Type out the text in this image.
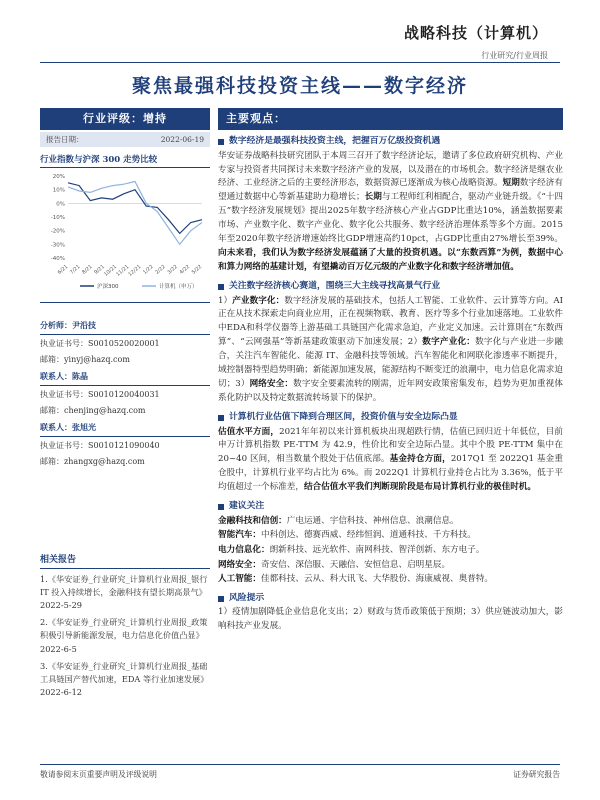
战略科技（计算机）
行业研究/行业周报
聚焦最强科技投资主线——数字经济
行业评级：增持
报告日期：	2022-06-19
行业指数与沪深 300 走势比较
20%
10%
0%
-10%
-20%
-30%
-40%
6/21 7/21 8/21 9/21
10/21
11/21
12/21 1/22 2/22 3/22 4/22 5/22
沪深300	计算机（申万）
分析师：尹沿技
执业证书号：S0010520020001
邮箱：yinyj@hazq.com
联系人：陈晶
执业证书号：S0010120040031
邮箱：chenjing@hazq.com
联系人：张旭光
执业证书号：S0010121090040
邮箱：zhangxg@hazq.com
相关报告
1.《华安证券_行业研究_计算机行业周报_银行 IT 投入持续增长，金融科技有望长期高景气》2022-5-29
2.《华安证券_行业研究_计算机行业周报_政策积极引导新能源发展，电力信息化价值凸显》2022-6-5
3.《华安证券_行业研究_计算机行业周报_基础工具链国产替代加速，EDA 等行业加速发展》2022-6-12
主要观点：
数字经济是最强科技投资主线，把握百万亿级投资机遇
华安证券战略科技研究团队于本周三召开了数字经济论坛，邀请了多位政府研究机构、产业专家与投资者共同探讨未来数字经济产业的发展，以及潜在的市场机会。数字经济是继农业经济、工业经济之后的主要经济形态，数据资源已逐渐成为核心战略资源。短期数字经济有望通过数据中心等新基建助力稳增长；长期与工程师红利相配合，驱动产业链升级。《“十四五”数字经济发展规划》提出2025年数字经济核心产业占GDP比重达10%，涵盖数据要素市场、产业数字化、数字产业化、数字化公共服务、数字经济治理体系等多个方面。2015年至2020年数字经济增速始终比GDP增速高约10pct，占GDP比重由27%增长至39%。向未来看，我们认为数字经济发展蕴涵了大量的投资机遇。以“东数西算”为例，数据中心和算力网络的基建计划，有望撬动百万亿元级的产业数字化和数字经济增加值。
关注数字经济核心赛道，围绕三大主线寻找高景气行业
1）产业数字化：数字经济发展的基础技术，包括人工智能、工业软件、云计算等方向。AI 正在从技术探索走向商业应用，正在视频物联、教育、医疗等多个行业加速落地。工业软件中EDA和科学仪器等上游基础工具链国产化需求急迫，产业定义加速。云计算則在“东数西算”、“云网强基”等新基建政策驱动下加速发展；2）数字产业化：数字化与产业进一步融合，关注汽车智能化、能源 IT、金融科技等领域。汽车智能化和网联化渗透率不断提升，域控制器特型趋势明确；新能源加速发展，能源结构不断变迁的浪潮中，电力信息化需求迫切；3）网络安全：数字安全要素流转的刚需，近年网安政策密集发布，趋势为更加重视体系化防护以及特定数据流转场景下的保护。
计算机行业估值下降到合理区间，投资价值与安全边际凸显
估值水平方面，2021年年初以来计算机板块出现超跌行情，估值已回归近十年低位，目前申万计算机指数 PE-TTM 为 42.9，性价比和安全边际凸显。其中个股 PE-TTM 集中在 20~40 区间，相当数量个股处于估值底部。基金持仓方面，2017Q1 至 2022Q1 基金重仓股中，计算机行业平均占比为 6%。而 2022Q1 计算机行业持仓占比为 3.36%，低于平均值超过一个标准差，结合估值水平我们判断现阶段是布局计算机行业的极佳时机。
建议关注
金融科技和信创：广电运通、宇信科技、神州信息、浪潮信息。
智能汽车：中科创达、德赛西威、经纬恒润、道通科技、千方科技。
电力信息化：朗新科技、远光软件、南网科技、智洋创新、东方电子。
网络安全：奇安信、深信服、天融信、安恒信息、启明星辰。
人工智能：佳都科技、云从、科大讯飞、大华股份、海康威视、奥普特。
风险提示
1）疫情加剧降低企业信息化支出；2）财政与货币政策低于预期；3）供应链波动加大，影响科技产业发展。
敬请参阅末页重要声明及评级说明	证券研究报告
